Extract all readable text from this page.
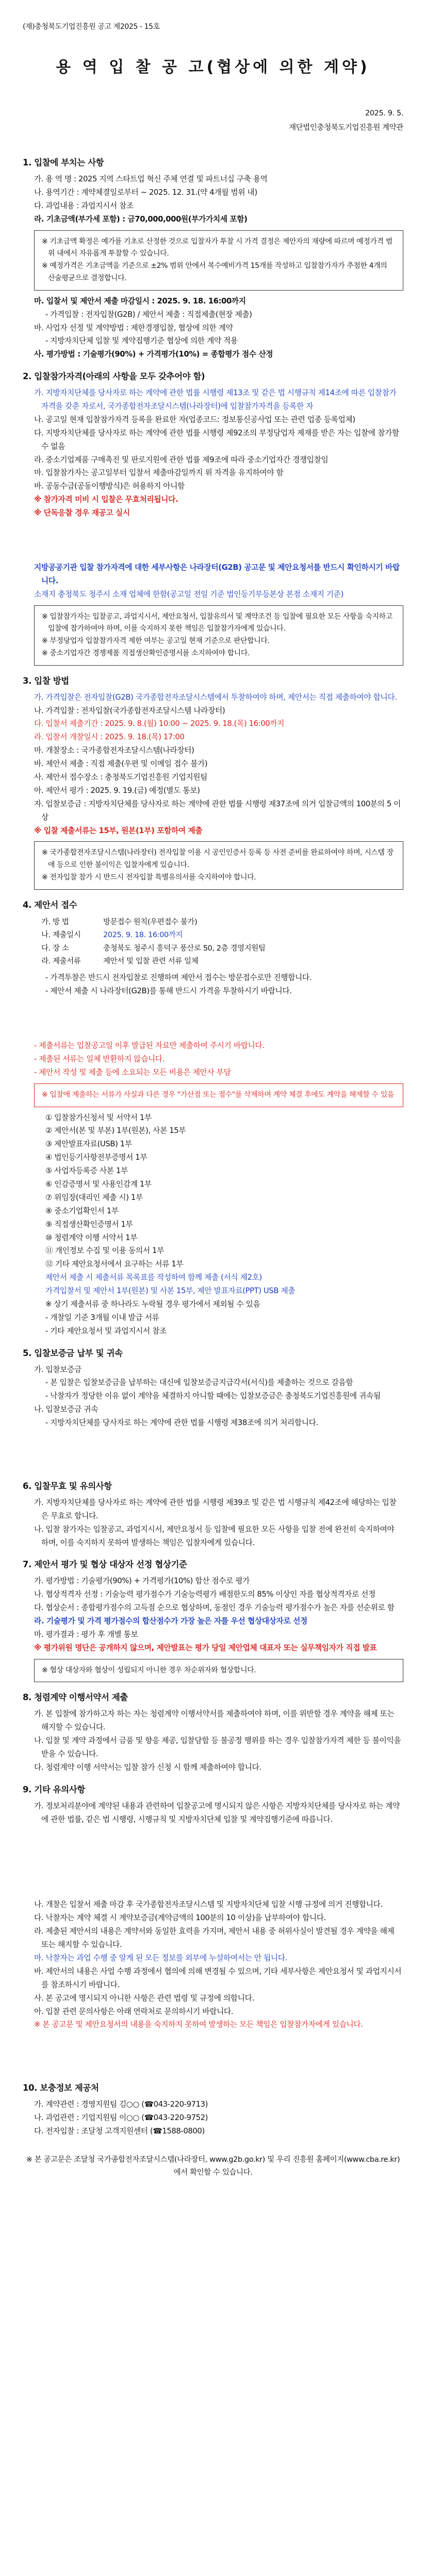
(재)충청북도기업진흥원 공고 제2025 - 15호
용 역 입 찰 공 고(협상에 의한 계약)
2025. 9. 5.
재단법인충청북도기업진흥원 계약관
1. 입찰에 부치는 사항
가. 용 역 명 : 2025 지역 스타트업 혁신 주체 연결 및 파트너십 구축 용역
나. 용역기간 : 계약체결일로부터 ~ 2025. 12. 31.(약 4개월 범위 내)
다. 과업내용 : 과업지시서 참조
라. 기초금액(부가세 포함) : 금70,000,000원(부가가치세 포함)
※ 기초금액 확정은 예가를 기초로 산정한 것으로 입찰자가 투찰 시 가격 결정은 제안자의 재량에 따르며 예정가격 범위 내에서 자유롭게 투찰할 수 있습니다.
※ 예정가격은 기초금액을 기준으로 ±2% 범위 안에서 복수예비가격 15개를 작성하고 입찰참가자가 추첨한 4개의 산술평균으로 결정합니다.
마. 입찰서 및 제안서 제출 마감일시 : 2025. 9. 18. 16:00까지
- 가격입찰 : 전자입찰(G2B) / 제안서 제출 : 직접제출(현장 제출)
바. 사업자 선정 및 계약방법 : 제한경쟁입찰, 협상에 의한 계약
- 지방자치단체 입찰 및 계약집행기준 협상에 의한 계약 적용
사. 평가방법 : 기술평가(90%) + 가격평가(10%) = 종합평가 점수 산정
2. 입찰참가자격(아래의 사항을 모두 갖추어야 함)
가. 지방자치단체를 당사자로 하는 계약에 관한 법률 시행령 제13조 및 같은 법 시행규칙 제14조에 따른 입찰참가자격을 갖춘 자로서, 국가종합전자조달시스템(나라장터)에 입찰참가자격을 등록한 자
나. 공고일 현재 입찰참가자격 등록을 완료한 자(업종코드: 정보통신공사업 또는 관련 업종 등록업체)
다. 지방자치단체를 당사자로 하는 계약에 관한 법률 시행령 제92조의 부정당업자 제재를 받은 자는 입찰에 참가할 수 없음
라. 중소기업제품 구매촉진 및 판로지원에 관한 법률 제9조에 따라 중소기업자간 경쟁입찰임
마. 입찰참가자는 공고일부터 입찰서 제출마감일까지 위 자격을 유지하여야 함
바. 공동수급(공동이행방식)은 허용하지 아니함
※ 참가자격 미비 시 입찰은 무효처리됩니다.
※ 단독응찰 경우 재공고 실시
지방공공기관 입찰 참가자격에 대한 세부사항은 나라장터(G2B) 공고문 및 제안요청서를 반드시 확인하시기 바랍니다.
소재지 충청북도 청주시 소재 업체에 한함(공고일 전일 기준 법인등기부등본상 본점 소재지 기준)
※ 입찰참가자는 입찰공고, 과업지시서, 제안요청서, 입찰유의서 및 계약조건 등 입찰에 필요한 모든 사항을 숙지하고 입찰에 참가하여야 하며, 이를 숙지하지 못한 책임은 입찰참가자에게 있습니다.
※ 부정당업자 입찰참가자격 제한 여부는 공고일 현재 기준으로 판단합니다.
※ 중소기업자간 경쟁제품 직접생산확인증명서를 소지하여야 합니다.
3. 입찰 방법
가. 가격입찰은 전자입찰(G2B) 국가종합전자조달시스템에서 투찰하여야 하며, 제안서는 직접 제출하여야 합니다.
나. 가격입찰 : 전자입찰(국가종합전자조달시스템 나라장터)
다. 입찰서 제출기간 : 2025. 9. 8.(월) 10:00 ~ 2025. 9. 18.(목) 16:00까지
라. 입찰서 개찰일시 : 2025. 9. 18.(목) 17:00
마. 개찰장소 : 국가종합전자조달시스템(나라장터)
바. 제안서 제출 : 직접 제출(우편 및 이메일 접수 불가)
사. 제안서 접수장소 : 충청북도기업진흥원 기업지원팀
아. 제안서 평가 : 2025. 9. 19.(금) 예정(별도 통보)
자. 입찰보증금 : 지방자치단체를 당사자로 하는 계약에 관한 법률 시행령 제37조에 의거 입찰금액의 100분의 5 이상
※ 입찰 제출서류는 15부, 원본(1부) 포함하여 제출
※ 국가종합전자조달시스템(나라장터) 전자입찰 이용 시 공인인증서 등록 등 사전 준비를 완료하여야 하며, 시스템 장애 등으로 인한 불이익은 입찰자에게 있습니다.
※ 전자입찰 참가 시 반드시 전자입찰 특별유의서를 숙지하여야 합니다.
4. 제안서 접수
가. 방 법	방문접수 원칙(우편접수 불가)
나. 제출일시	2025. 9. 18. 16:00까지
다. 장 소	충청북도 청주시 흥덕구 풍산로 50, 2층 경영지원팀
라. 제출서류	제안서 및 입찰 관련 서류 일체
- 가격투찰은 반드시 전자입찰로 진행하며 제안서 접수는 방문접수로만 진행합니다.
- 제안서 제출 시 나라장터(G2B)를 통해 반드시 가격을 투찰하시기 바랍니다.
- 제출서류는 입찰공고일 이후 발급된 자료만 제출하여 주시기 바랍니다.
- 제출된 서류는 일체 반환하지 않습니다.
- 제안서 작성 및 제출 등에 소요되는 모든 비용은 제안사 부담
※ 입찰에 제출하는 서류가 사실과 다른 경우 "가산점 또는 점수"를 삭제하며 계약 체결 후에도 계약을 해제할 수 있음
① 입찰참가신청서 및 서약서 1부
② 제안서(본 및 부본) 1부(원본), 사본 15부
③ 제안발표자료(USB) 1부
④ 법인등기사항전부증명서 1부
⑤ 사업자등록증 사본 1부
⑥ 인감증명서 및 사용인감계 1부
⑦ 위임장(대리인 제출 시) 1부
⑧ 중소기업확인서 1부
⑨ 직접생산확인증명서 1부
⑩ 청렴계약 이행 서약서 1부
⑪ 개인정보 수집 및 이용 동의서 1부
⑫ 기타 제안요청서에서 요구하는 서류 1부
제안서 제출 시 제출서류 목록표를 작성하여 함께 제출 (서식 제2호)
가격입찰서 및 제안서 1부(원본) 및 사본 15부, 제안 발표자료(PPT) USB 제출
※ 상기 제출서류 중 하나라도 누락될 경우 평가에서 제외될 수 있음
- 개찰일 기준 3개월 이내 발급 서류
- 기타 제안요청서 및 과업지시서 참조
5. 입찰보증금 납부 및 귀속
가. 입찰보증금
- 본 입찰은 입찰보증금을 납부하는 대신에 입찰보증금지급각서(서식)를 제출하는 것으로 갈음함
- 낙찰자가 정당한 이유 없이 계약을 체결하지 아니할 때에는 입찰보증금은 충청북도기업진흥원에 귀속됨
나. 입찰보증금 귀속
- 지방자치단체를 당사자로 하는 계약에 관한 법률 시행령 제38조에 의거 처리합니다.
6. 입찰무효 및 유의사항
가. 지방자치단체를 당사자로 하는 계약에 관한 법률 시행령 제39조 및 같은 법 시행규칙 제42조에 해당하는 입찰은 무효로 합니다.
나. 입찰 참가자는 입찰공고, 과업지시서, 제안요청서 등 입찰에 필요한 모든 사항을 입찰 전에 완전히 숙지하여야 하며, 이를 숙지하지 못하여 발생하는 책임은 입찰자에게 있습니다.
7. 제안서 평가 및 협상 대상자 선정 협상기준
가. 평가방법 : 기술평가(90%) + 가격평가(10%) 합산 점수로 평가
나. 협상적격자 선정 : 기술능력 평가점수가 기술능력평가 배점한도의 85% 이상인 자를 협상적격자로 선정
다. 협상순서 : 종합평가점수의 고득점 순으로 협상하며, 동점인 경우 기술능력 평가점수가 높은 자를 선순위로 함
라. 기술평가 및 가격 평가점수의 합산점수가 가장 높은 자를 우선 협상대상자로 선정
마. 평가결과 : 평가 후 개별 통보
※ 평가위원 명단은 공개하지 않으며, 제안발표는 평가 당일 제안업체 대표자 또는 실무책임자가 직접 발표
※ 협상 대상자와 협상이 성립되지 아니한 경우 차순위자와 협상합니다.
8. 청렴계약 이행서약서 제출
가. 본 입찰에 참가하고자 하는 자는 청렴계약 이행서약서를 제출하여야 하며, 이를 위반할 경우 계약을 해제 또는 해지할 수 있습니다.
나. 입찰 및 계약 과정에서 금품 및 향응 제공, 입찰담합 등 불공정 행위를 하는 경우 입찰참가자격 제한 등 불이익을 받을 수 있습니다.
다. 청렴계약 이행 서약서는 입찰 참가 신청 시 함께 제출하여야 합니다.
9. 기타 유의사항
가. 정보처리분야에 계약된 내용과 관련하여 입찰공고에 명시되지 않은 사항은 지방자치단체를 당사자로 하는 계약에 관한 법률, 같은 법 시행령, 시행규칙 및 지방자치단체 입찰 및 계약집행기준에 따릅니다.
나. 개찰은 입찰서 제출 마감 후 국가종합전자조달시스템 및 지방자치단체 입찰 시행 규정에 의거 진행합니다.
다. 낙찰자는 계약 체결 시 계약보증금(계약금액의 100분의 10 이상)을 납부하여야 합니다.
라. 제출된 제안서의 내용은 계약서와 동일한 효력을 가지며, 제안서 내용 중 허위사실이 발견될 경우 계약을 해제 또는 해지할 수 있습니다.
마. 낙찰자는 과업 수행 중 알게 된 모든 정보를 외부에 누설하여서는 안 됩니다.
바. 제안서의 내용은 사업 수행 과정에서 협의에 의해 변경될 수 있으며, 기타 세부사항은 제안요청서 및 과업지시서를 참조하시기 바랍니다.
사. 본 공고에 명시되지 아니한 사항은 관련 법령 및 규정에 의합니다.
아. 입찰 관련 문의사항은 아래 연락처로 문의하시기 바랍니다.
※ 본 공고문 및 제안요청서의 내용을 숙지하지 못하여 발생하는 모든 책임은 입찰참가자에게 있습니다.
10. 보충정보 제공처
가. 계약관련 : 경영지원팀 김○○ (☎043-220-9713)
나. 과업관련 : 기업지원팀 이○○ (☎043-220-9752)
다. 전자입찰 : 조달청 고객지원센터 (☎1588-0800)
※ 본 공고문은 조달청 국가종합전자조달시스템(나라장터, www.g2b.go.kr) 및 우리 진흥원 홈페이지(www.cba.re.kr)에서 확인할 수 있습니다.
